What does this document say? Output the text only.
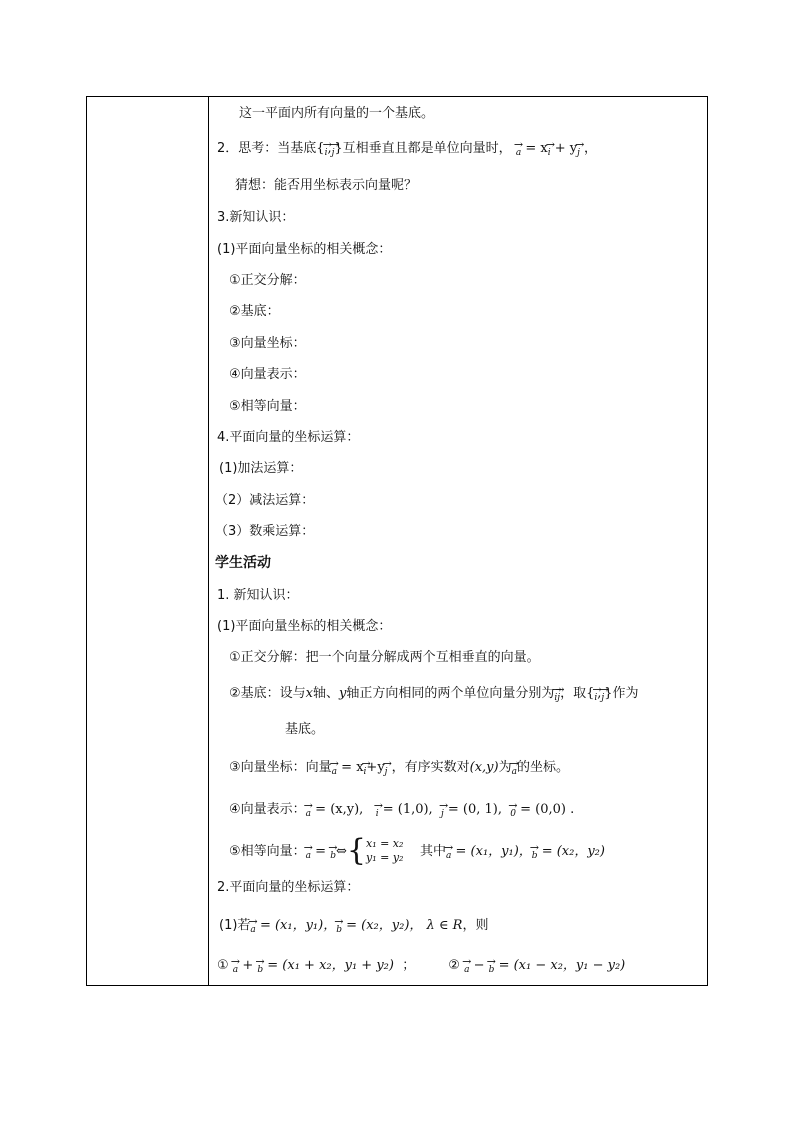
这一平面内所有向量的一个基底。
2．思考：当基底{→ i,→ j}互相垂直且都是单位向量时， → a = x→ i + y→ j ，
猜想：能否用坐标表示向量呢？
3.新知认识：
(1)平面向量坐标的相关概念：
①正交分解：
②基底：
③向量坐标：
④向量表示：
⑤相等向量：
4.平面向量的坐标运算：
(1)加法运算：
（2）减法运算：
（3）数乘运算：
学生活动
1. 新知认识：
(1)平面向量坐标的相关概念：
①正交分解：把一个向量分解成两个互相垂直的向量。
②基底：设与x轴、y轴正方向相同的两个单位向量分别为→ i→ j，取{→ i,→ j}作为
基底。
③向量坐标：向量→ a = x→ i+y→ j ，有序实数对(x,y)为→ a的坐标。
④向量表示：→ a = (x,y), → i = (1,0), → j = (0, 1), → 0 = (0,0) .
⑤相等向量：→ a = → b⇔{x₁ = x₂
y₁ = y₂ 其中→ a = (x₁，y₁)，→ b = (x₂，y₂)
2.平面向量的坐标运算：
(1)若→ a = (x₁，y₁)，→ b = (x₂，y₂)， λ ∈ R，则
① → a + → b = (x₁ + x₂，y₁ + y₂) ；	② → a − → b = (x₁ − x₂，y₁ − y₂)
